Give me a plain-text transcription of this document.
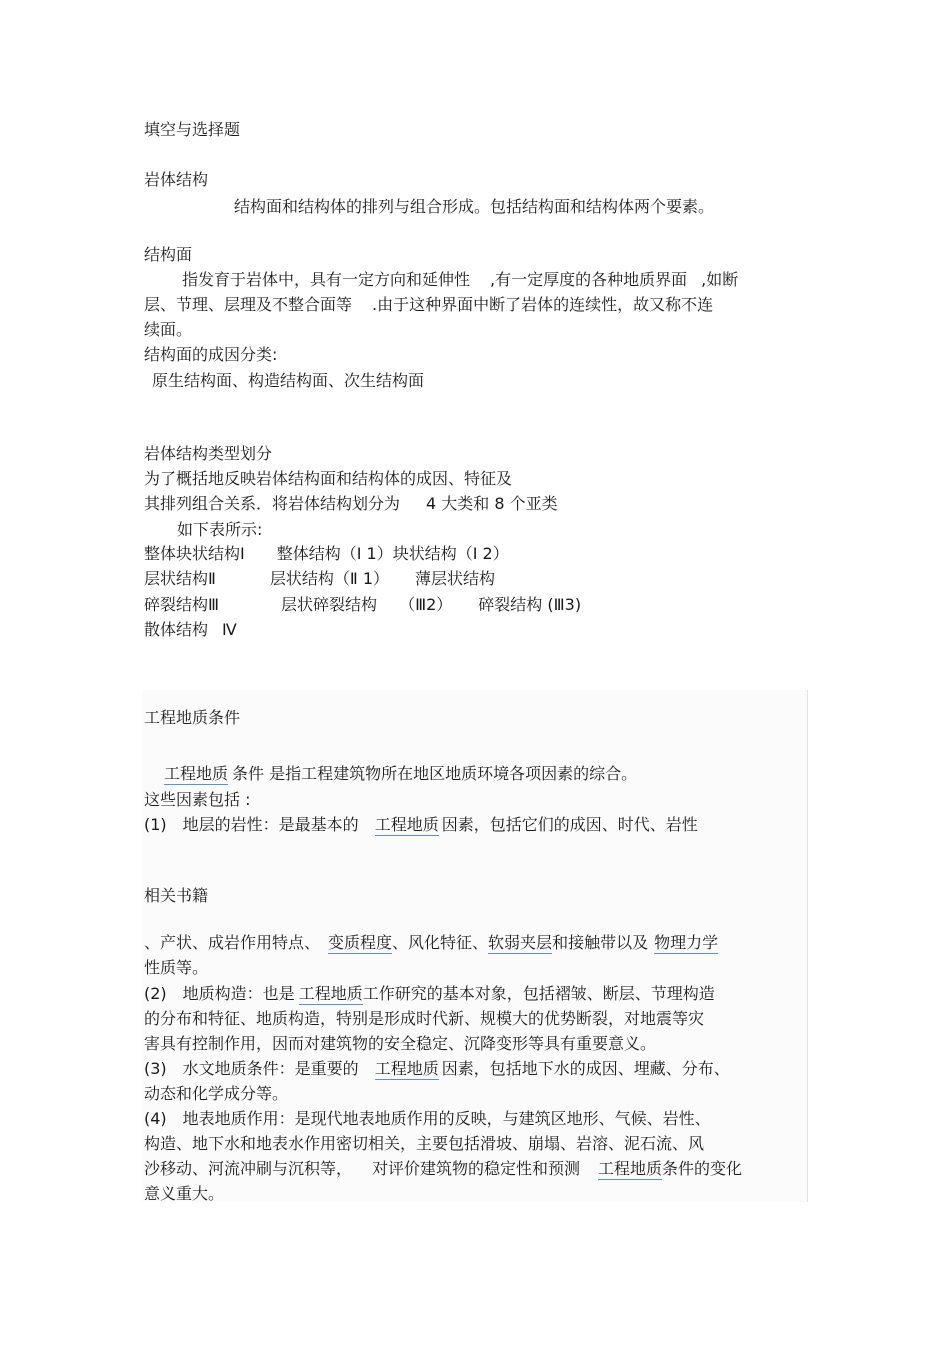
填空与选择题
岩体结构
结构面和结构体的排列与组合形成。包括结构面和结构体两个要素。
结构面
指发育于岩体中，具有一定方向和延伸性 ,有一定厚度的各种地质界面 ,如断
层、节理、层理及不整合面等 .由于这种界面中断了岩体的连续性，故又称不连
续面。
结构面的成因分类:
原生结构面、构造结构面、次生结构面
岩体结构类型划分
为了概括地反映岩体结构面和结构体的成因、特征及
其排列组合关系．将岩体结构划分为 4 大类和 8 个亚类
如下表所示:
整体块状结构Ⅰ 整体结构（Ⅰ 1）块状结构（Ⅰ 2）
层状结构Ⅱ	层状结构（Ⅱ 1） 薄层状结构
碎裂结构Ⅲ	层状碎裂结构 （Ⅲ2） 碎裂结构 (Ⅲ3)
散体结构 Ⅳ
工程地质条件
工程地质 条件 是指工程建筑物所在地区地质环境各项因素的综合。
这些因素包括 :
(1) 地层的岩性：是最基本的 工程地质 因素，包括它们的成因、时代、岩性
相关书籍
、产状、成岩作用特点、 变质程度、风化特征、软弱夹层和接触带以及 物理力学
性质等。
(2) 地质构造：也是 工程地质工作研究的基本对象，包括褶皱、断层、节理构造
的分布和特征、地质构造，特别是形成时代新、规模大的优势断裂，对地震等灾
害具有控制作用，因而对建筑物的安全稳定、沉降变形等具有重要意义。
(3) 水文地质条件：是重要的 工程地质 因素，包括地下水的成因、埋藏、分布、
动态和化学成分等。
(4) 地表地质作用：是现代地表地质作用的反映，与建筑区地形、气候、岩性、
构造、地下水和地表水作用密切相关，主要包括滑坡、崩塌、岩溶、泥石流、风
沙移动、河流冲刷与沉积等， 对评价建筑物的稳定性和预测 工程地质条件的变化
意义重大。
